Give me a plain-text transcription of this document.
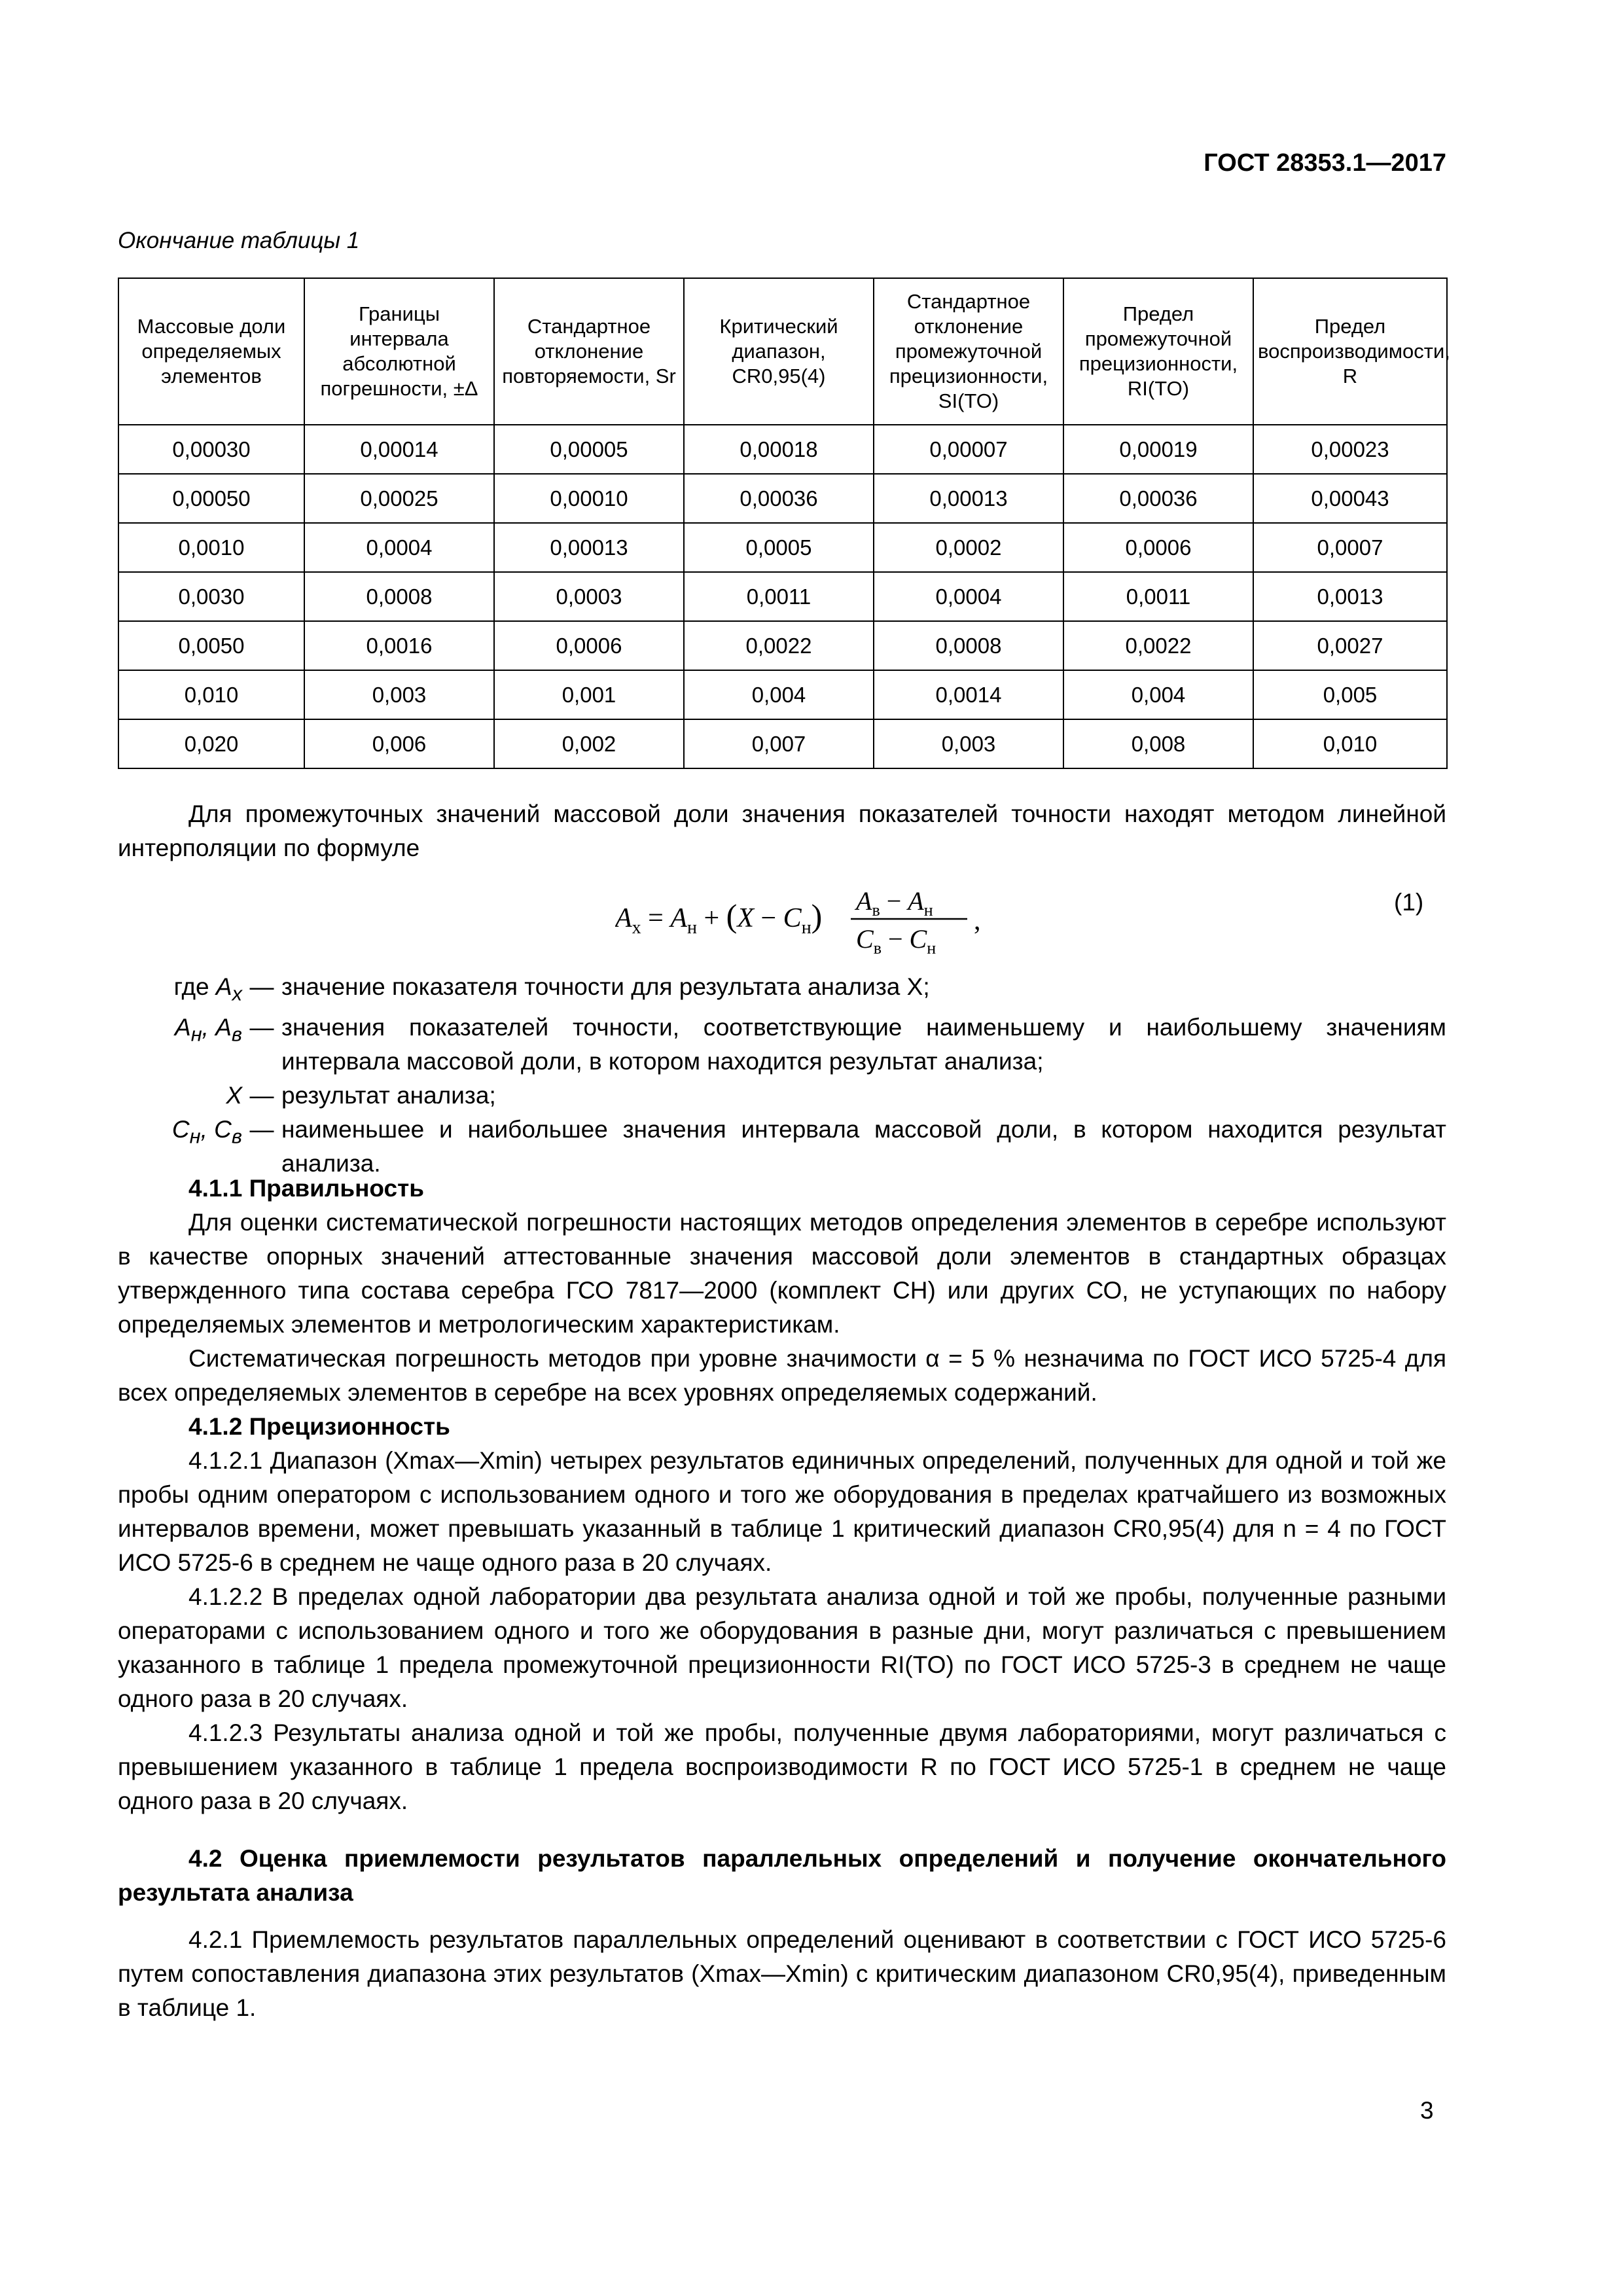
ГОСТ 28353.1—2017
Окончание таблицы 1
Массовые доли определяемых элементов	Границы интервала абсолютной погрешности, ±Δ	Стандартное отклонение повторяемости, Sr	Критический диапазон, CR0,95(4)	Стандартное отклонение промежуточной прецизионности, SI(TO)	Предел промежуточной прецизионности, RI(TO)	Предел воспроизводимости, R
0,00030	0,00014	0,00005	0,00018	0,00007	0,00019	0,00023
0,00050	0,00025	0,00010	0,00036	0,00013	0,00036	0,00043
0,0010	0,0004	0,00013	0,0005	0,0002	0,0006	0,0007
0,0030	0,0008	0,0003	0,0011	0,0004	0,0011	0,0013
0,0050	0,0016	0,0006	0,0022	0,0008	0,0022	0,0027
0,010	0,003	0,001	0,004	0,0014	0,004	0,005
0,020	0,006	0,002	0,007	0,003	0,008	0,010

Для промежуточных значений массовой доли значения показателей точности находят методом линейной интерполяции по формуле

$A_x = A_н + (X - C_н) A_в - A_н$
$C_в - C_н$
,
(1)
где $A_x$ — значение показателя точности для результата анализа X;
$A_н$, $A_в$ — значения показателей точности, соответствующие наименьшему и наибольшему значениям интервала массовой доли, в котором находится результат анализа;
X — результат анализа;
$C_н$, $C_в$ — наименьшее и наибольшее значения интервала массовой доли, в котором находится результат анализа.

4.1.1 Правильность

Для оценки систематической погрешности настоящих методов определения элементов в серебре используют в качестве опорных значений аттестованные значения массовой доли элементов в стандартных образцах утвержденного типа состава серебра ГСО 7817—2000 (комплект СН) или других СО, не уступающих по набору определяемых элементов и метрологическим характеристикам.

Систематическая погрешность методов при уровне значимости α = 5 % незначима по ГОСТ ИСО 5725-4 для всех определяемых элементов в серебре на всех уровнях определяемых содержаний.

4.1.2 Прецизионность

4.1.2.1 Диапазон (Xmax—Xmin) четырех результатов единичных определений, полученных для одной и той же пробы одним оператором с использованием одного и того же оборудования в пределах кратчайшего из возможных интервалов времени, может превышать указанный в таблице 1 критический диапазон CR0,95(4) для n = 4 по ГОСТ ИСО 5725-6 в среднем не чаще одного раза в 20 случаях.

4.1.2.2 В пределах одной лаборатории два результата анализа одной и той же пробы, полученные разными операторами с использованием одного и того же оборудования в разные дни, могут различаться с превышением указанного в таблице 1 предела промежуточной прецизионности RI(TO) по ГОСТ ИСО 5725-3 в среднем не чаще одного раза в 20 случаях.

4.1.2.3 Результаты анализа одной и той же пробы, полученные двумя лабораториями, могут различаться с превышением указанного в таблице 1 предела воспроизводимости R по ГОСТ ИСО 5725-1 в среднем не чаще одного раза в 20 случаях.

4.2 Оценка приемлемости результатов параллельных определений и получение окончательного результата анализа

4.2.1 Приемлемость результатов параллельных определений оценивают в соответствии с ГОСТ ИСО 5725-6 путем сопоставления диапазона этих результатов (Xmax—Xmin) с критическим диапазоном CR0,95(4), приведенным в таблице 1.

3
